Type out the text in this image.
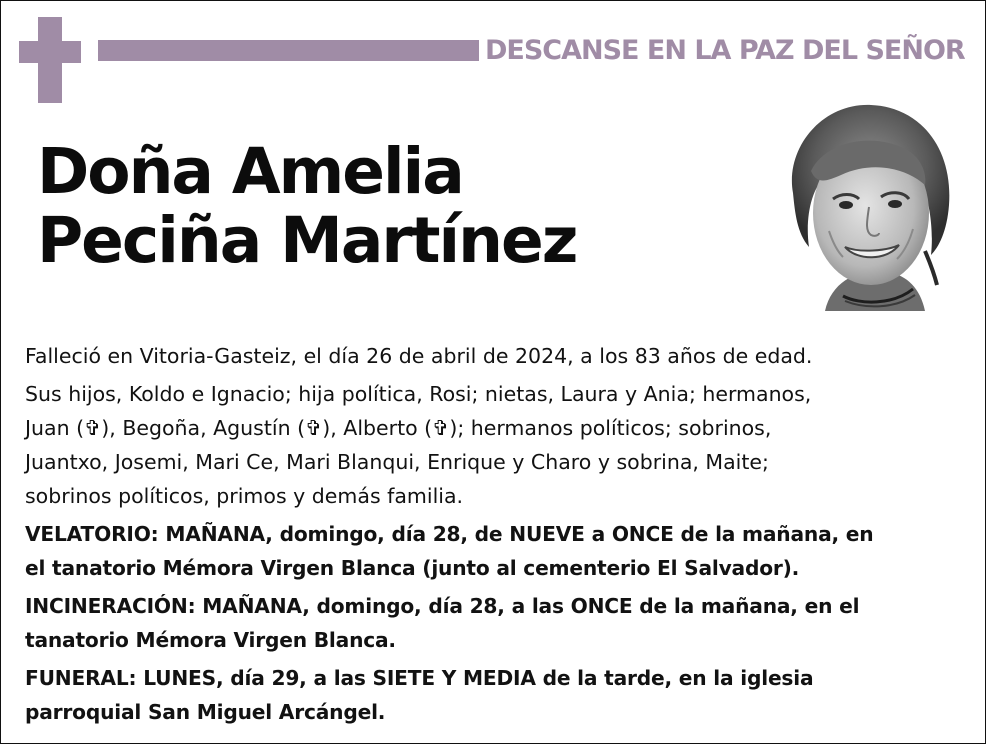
DESCANSE EN LA PAZ DEL SEÑOR
Doña Amelia
Peciña Martínez

Falleció en Vitoria-Gasteiz, el día 26 de abril de 2024, a los 83 años de edad.

Sus hijos, Koldo e Ignacio; hija política, Rosi; nietas, Laura y Ania; hermanos,
Juan (✞), Begoña, Agustín (✞), Alberto (✞); hermanos políticos; sobrinos,
Juantxo, Josemi, Mari Ce, Mari Blanqui, Enrique y Charo y sobrina, Maite;
sobrinos políticos, primos y demás familia.

VELATORIO: MAÑANA, domingo, día 28, de NUEVE a ONCE de la mañana, en
el tanatorio Mémora Virgen Blanca (junto al cementerio El Salvador).

INCINERACIÓN: MAÑANA, domingo, día 28, a las ONCE de la mañana, en el
tanatorio Mémora Virgen Blanca.

FUNERAL: LUNES, día 29, a las SIETE Y MEDIA de la tarde, en la iglesia
parroquial San Miguel Arcángel.
